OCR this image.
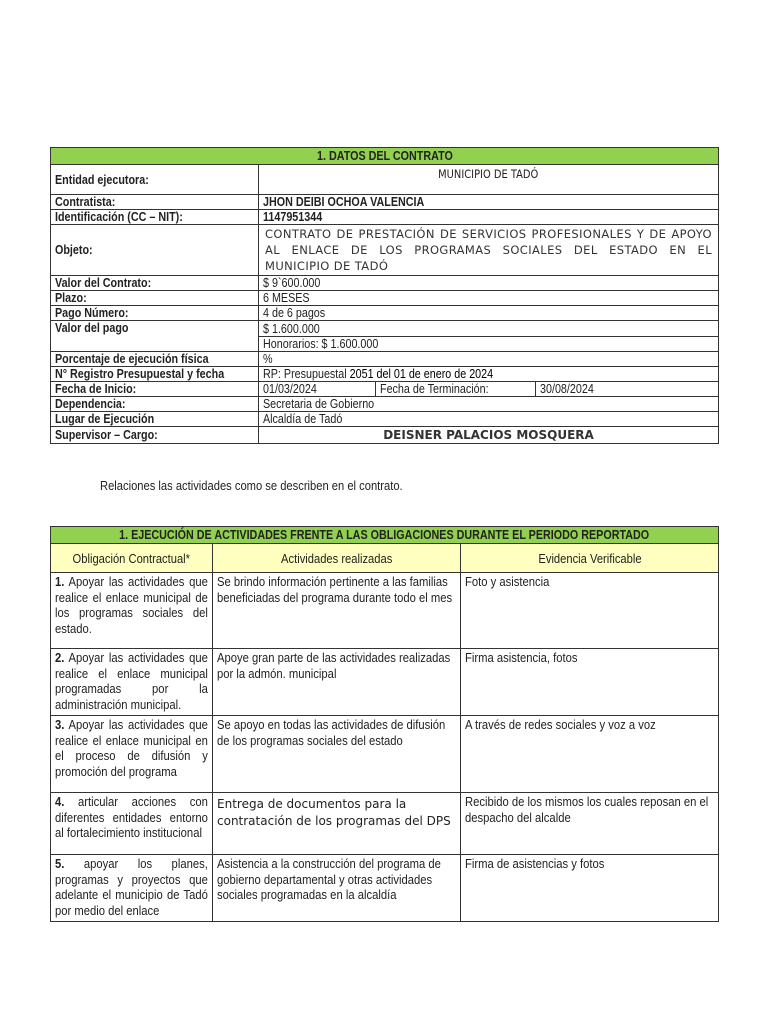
1. DATOS DEL CONTRATO			
Entidad ejecutora:	MUNICIPIO DE TADÓ		
Contratista:	JHON DEIBI OCHOA VALENCIA		
Identificación (CC – NIT):	1147951344		
Objeto:	CONTRATO DE PRESTACIÓN DE SERVICIOS PROFESIONALES Y DE APOYO AL ENLACE DE LOS PROGRAMAS SOCIALES DEL ESTADO EN EL MUNICIPIO DE TADÓ		
Valor del Contrato:	$ 9`600.000		
Plazo:	6 MESES		
Pago Número:	4 de 6 pagos		
Valor del pago	$ 1.600.000		
	Honorarios: $ 1.600.000		
Porcentaje de ejecución física	%		
N° Registro Presupuestal y fecha	RP: Presupuestal 2051 del 01 de enero de 2024		
Fecha de Inicio:	01/03/2024	Fecha de Terminación:	30/08/2024
Dependencia:	Secretaria de Gobierno		
Lugar de Ejecución	Alcaldía de Tadó		
Supervisor – Cargo:	DEISNER PALACIOS MOSQUERA		
Relaciones las actividades como se describen en el contrato.
1. EJECUCIÓN DE ACTIVIDADES FRENTE A LAS OBLIGACIONES DURANTE EL PERIODO REPORTADO		
Obligación Contractual*	Actividades realizadas	Evidencia Verificable

1. Apoyar las actividades que realice el enlace municipal de los programas sociales del estado.	Se brindo información pertinente a las familias beneficiadas del programa durante todo el mes	Foto y asistencia

2. Apoyar las actividades que realice el enlace municipal programadas por la administración municipal.	Apoye gran parte de las actividades realizadas por la admón. municipal	Firma asistencia, fotos

3. Apoyar las actividades que realice el enlace municipal en el proceso de difusión y promoción del programa	Se apoyo en todas las actividades de difusión de los programas sociales del estado	A través de redes sociales y voz a voz

4. articular acciones con diferentes entidades entorno al fortalecimiento institucional	Entrega de documentos para la contratación de los programas del DPS	Recibido de los mismos los cuales reposan en el despacho del alcalde

5. apoyar los planes, programas y proyectos que adelante el municipio de Tadó por medio del enlace	Asistencia a la construcción del programa de gobierno departamental y otras actividades sociales programadas en la alcaldía	Firma de asistencias y fotos
